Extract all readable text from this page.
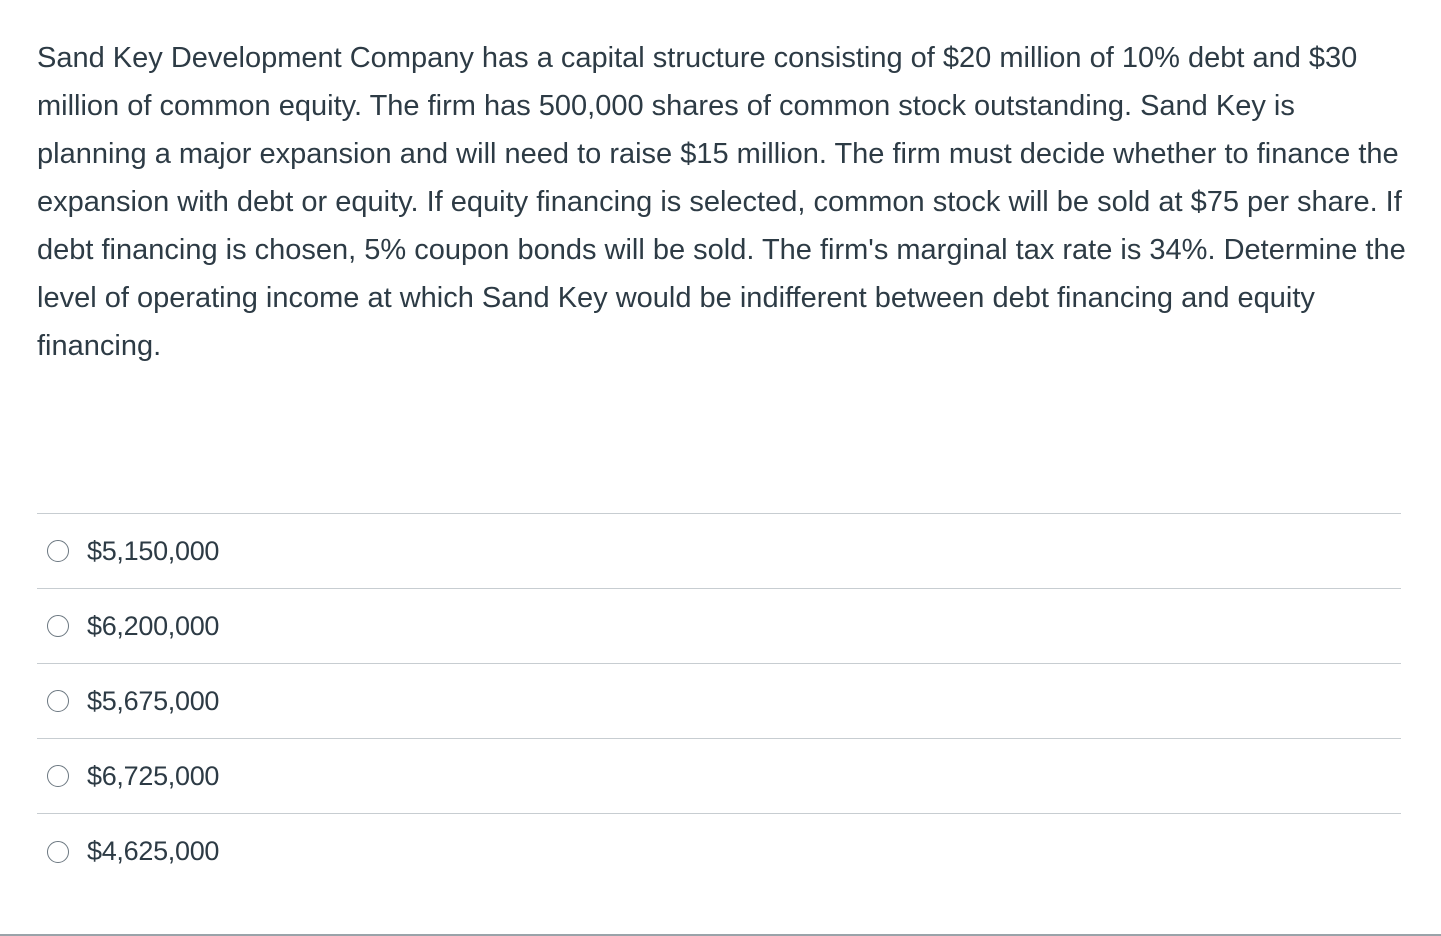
Sand Key Development Company has a capital structure consisting of $20 million of 10% debt and $30 million of common equity. The firm has 500,000 shares of common stock outstanding. Sand Key is planning a major expansion and will need to raise $15 million. The firm must decide whether to finance the expansion with debt or equity. If equity financing is selected, common stock will be sold at $75 per share. If debt financing is chosen, 5% coupon bonds will be sold. The firm's marginal tax rate is 34%. Determine the level of operating income at which Sand Key would be indifferent between debt financing and equity financing.

$5,150,000
$6,200,000
$5,675,000
$6,725,000
$4,625,000
